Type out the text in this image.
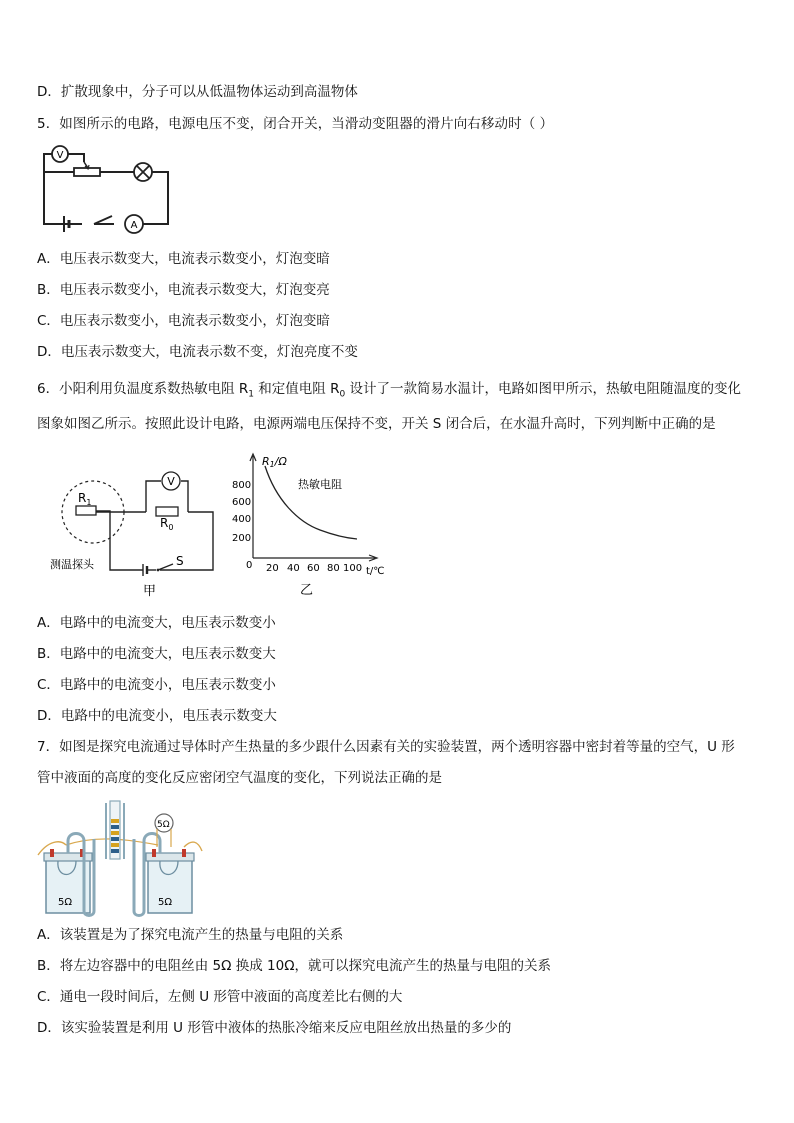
D．扩散现象中，分子可以从低温物体运动到高温物体
5．如图所示的电路，电源电压不变，闭合开关，当滑动变阻器的滑片向右移动时（ ）
V
A
A．电压表示数变大，电流表示数变小，灯泡变暗
B．电压表示数变小，电流表示数变大，灯泡变亮
C．电压表示数变小，电流表示数变小，灯泡变暗
D．电压表示数变大，电流表示数不变，灯泡亮度不变
6．小阳利用负温度系数热敏电阻 $R_1$ 和定值电阻 $R_0$ 设计了一款简易水温计，电路如图甲所示，热敏电阻随温度的变化
图象如图乙所示。按照此设计电路，电源两端电压保持不变，开关 S 闭合后，在水温升高时，下列判断中正确的是
$R_1$
$R_0$
V
S
测温探头
甲
R1/Ω
800
600
400
200
0 20 40 60 80 100 t/℃
热敏电阻
乙
A．电路中的电流变大，电压表示数变小
B．电路中的电流变大，电压表示数变大
C．电路中的电流变小，电压表示数变小
D．电路中的电流变小，电压表示数变大
7．如图是探究电流通过导体时产生热量的多少跟什么因素有关的实验装置，两个透明容器中密封着等量的空气，U 形
管中液面的高度的变化反应密闭空气温度的变化，下列说法正确的是
5Ω	5Ω
5Ω
A．该装置是为了探究电流产生的热量与电阻的关系
B．将左边容器中的电阻丝由 5Ω 换成 10Ω，就可以探究电流产生的热量与电阻的关系
C．通电一段时间后，左侧 U 形管中液面的高度差比右侧的大
D．该实验装置是利用 U 形管中液体的热胀冷缩来反应电阻丝放出热量的多少的
